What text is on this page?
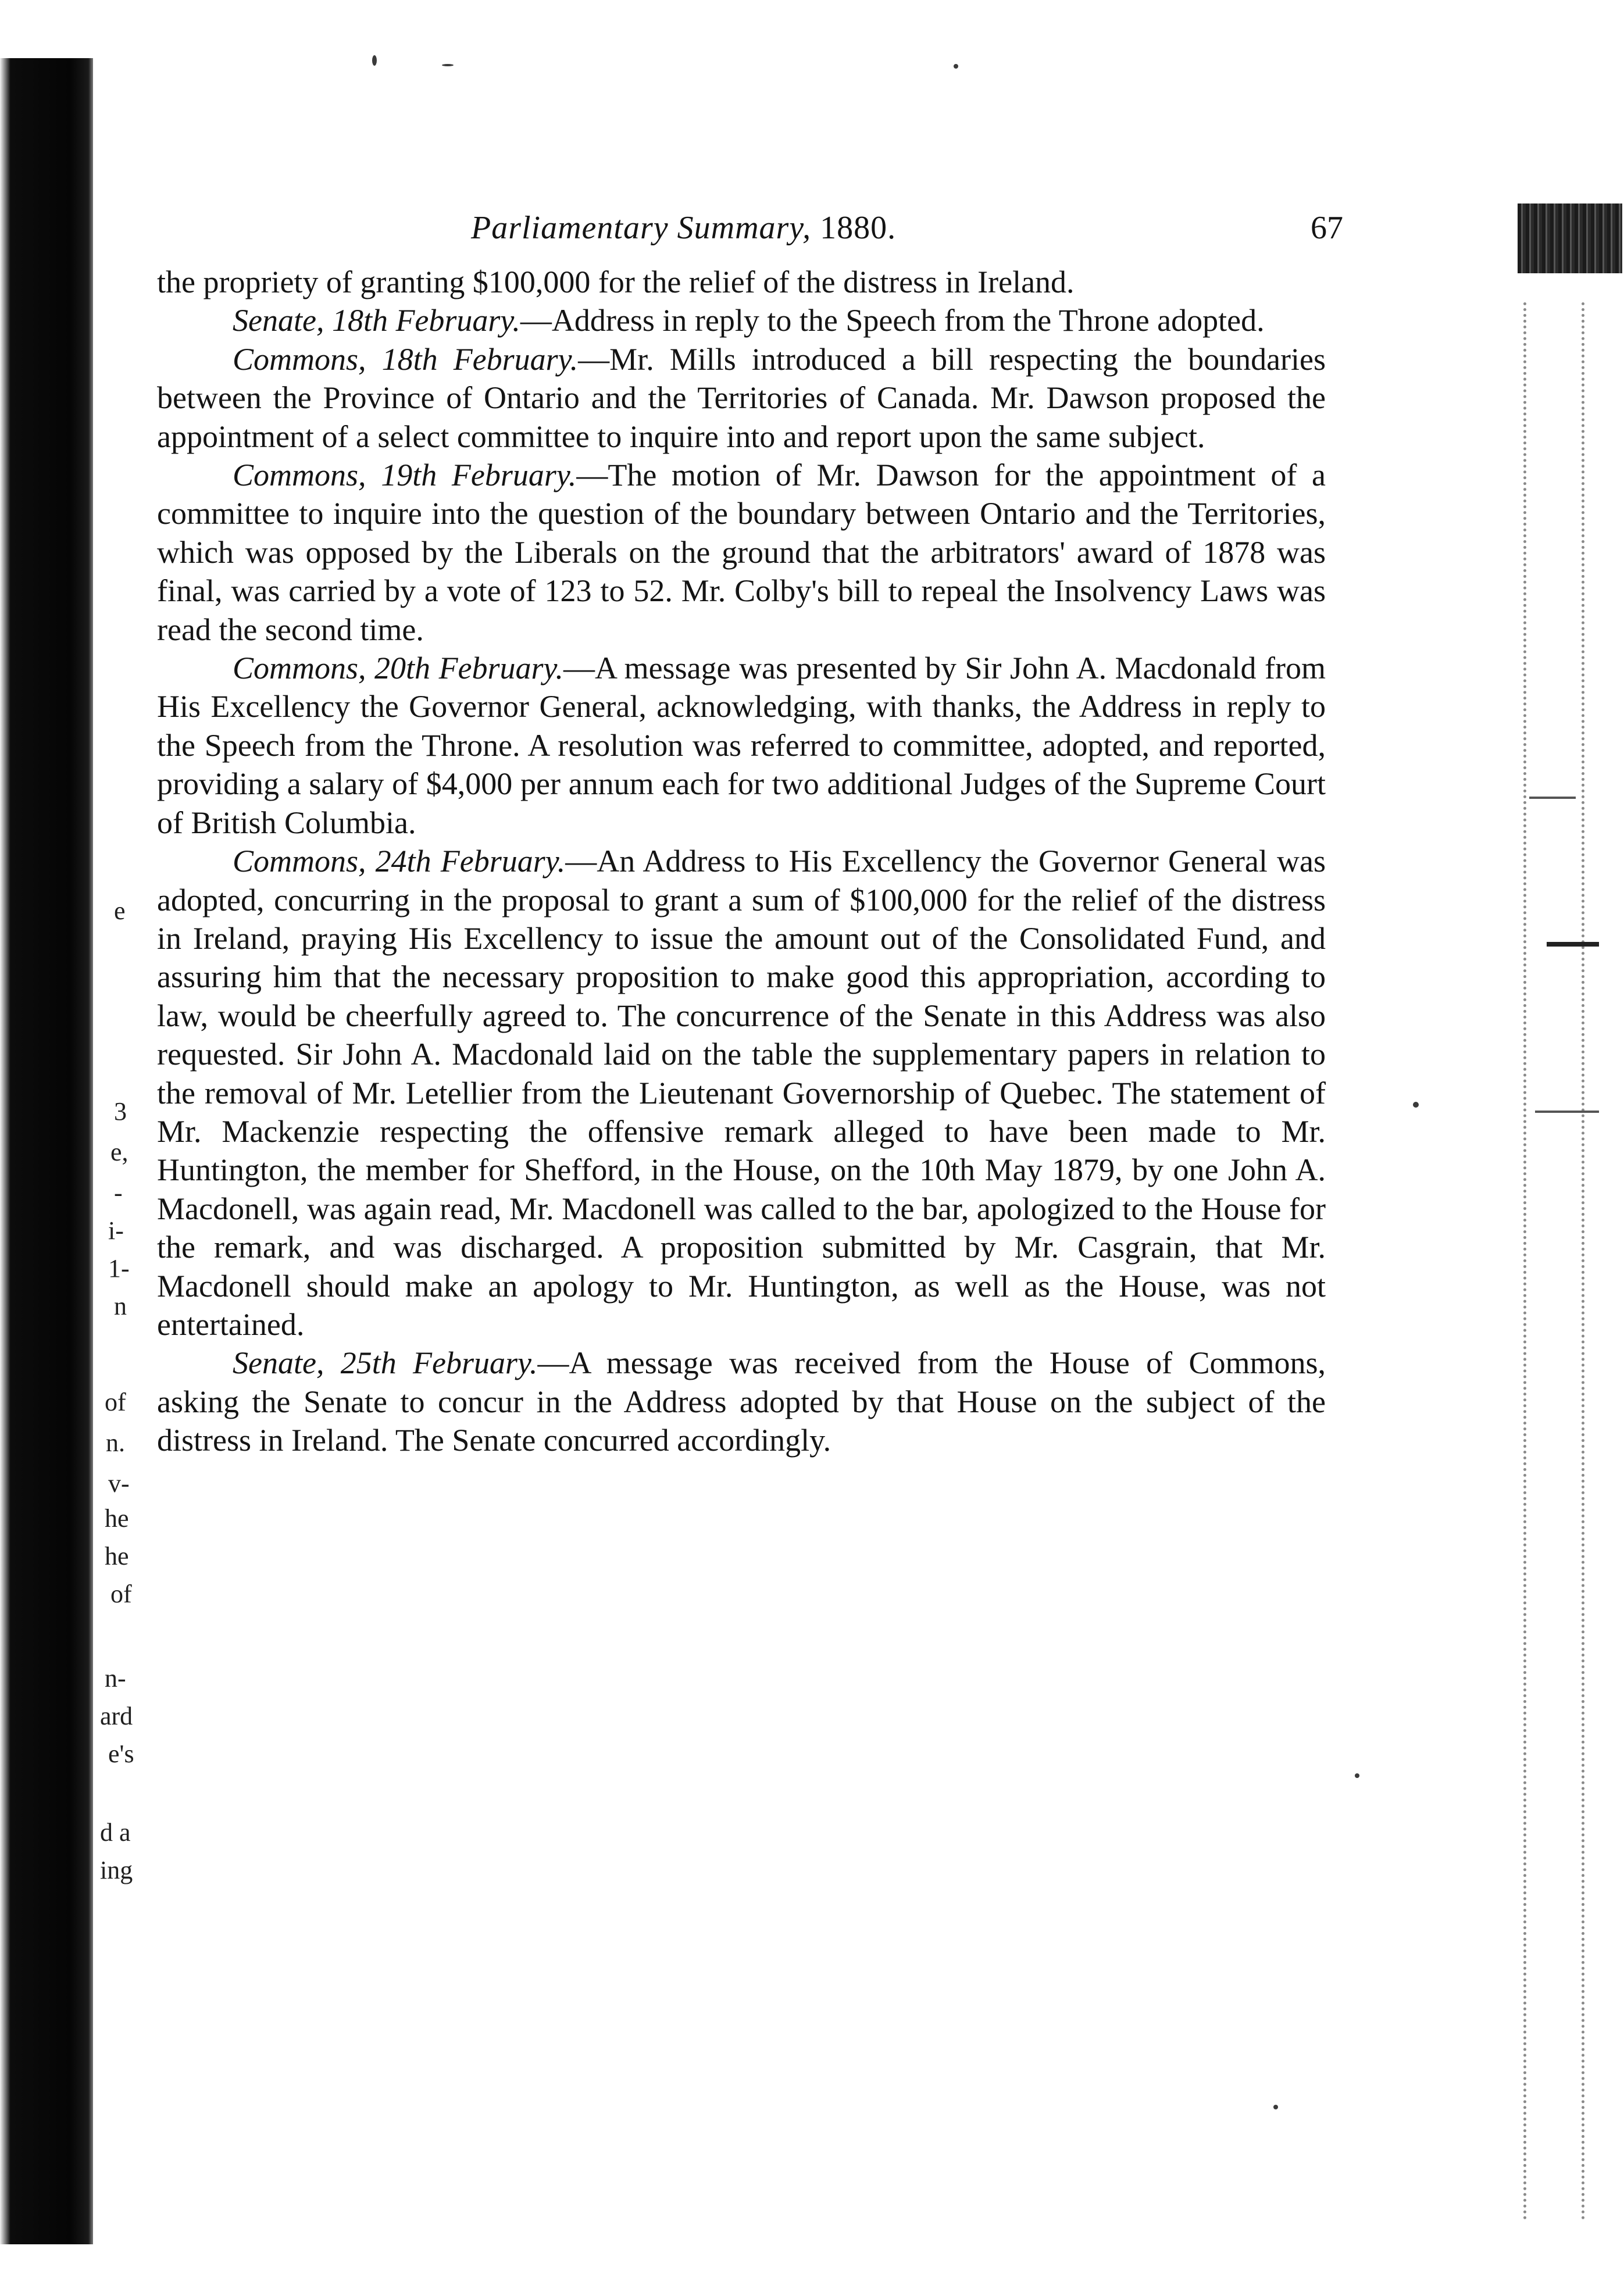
e
3
e,
-
i-
1-
n
of
n.
v-
he
he
of
n-
ard
e's
d a
ing
Parliamentary Summary, 1880.	67

the propriety of granting $100,000 for the relief of the distress in Ireland.

Senate, 18th February.—Address in reply to the Speech from the Throne adopted.

Commons, 18th February.—Mr. Mills introduced a bill respecting the boundaries between the Province of Ontario and the Territories of Canada. Mr. Dawson proposed the appointment of a select committee to inquire into and report upon the same subject.

Commons, 19th February.—The motion of Mr. Dawson for the appointment of a committee to inquire into the question of the boundary between Ontario and the Territories, which was opposed by the Liberals on the ground that the arbitrators' award of 1878 was final, was carried by a vote of 123 to 52. Mr. Colby's bill to repeal the Insolvency Laws was read the second time.

Commons, 20th February.—A message was presented by Sir John A. Macdonald from His Excellency the Governor General, acknowledging, with thanks, the Address in reply to the Speech from the Throne. A resolution was referred to committee, adopted, and reported, providing a salary of $4,000 per annum each for two additional Judges of the Supreme Court of British Columbia.

Commons, 24th February.—An Address to His Excellency the Governor General was adopted, concurring in the proposal to grant a sum of $100,000 for the relief of the distress in Ireland, praying His Excellency to issue the amount out of the Consolidated Fund, and assuring him that the necessary proposition to make good this appropriation, according to law, would be cheerfully agreed to. The concurrence of the Senate in this Address was also requested. Sir John A. Macdonald laid on the table the supplementary papers in relation to the removal of Mr. Letellier from the Lieutenant Governorship of Quebec. The statement of Mr. Mackenzie respecting the offensive remark alleged to have been made to Mr. Huntington, the member for Shefford, in the House, on the 10th May 1879, by one John A. Macdonell, was again read, Mr. Macdonell was called to the bar, apologized to the House for the remark, and was discharged. A proposition submitted by Mr. Casgrain, that Mr. Macdonell should make an apology to Mr. Huntington, as well as the House, was not entertained.

Senate, 25th February.—A message was received from the House of Commons, asking the Senate to concur in the Address adopted by that House on the subject of the distress in Ireland. The Senate concurred accordingly.
